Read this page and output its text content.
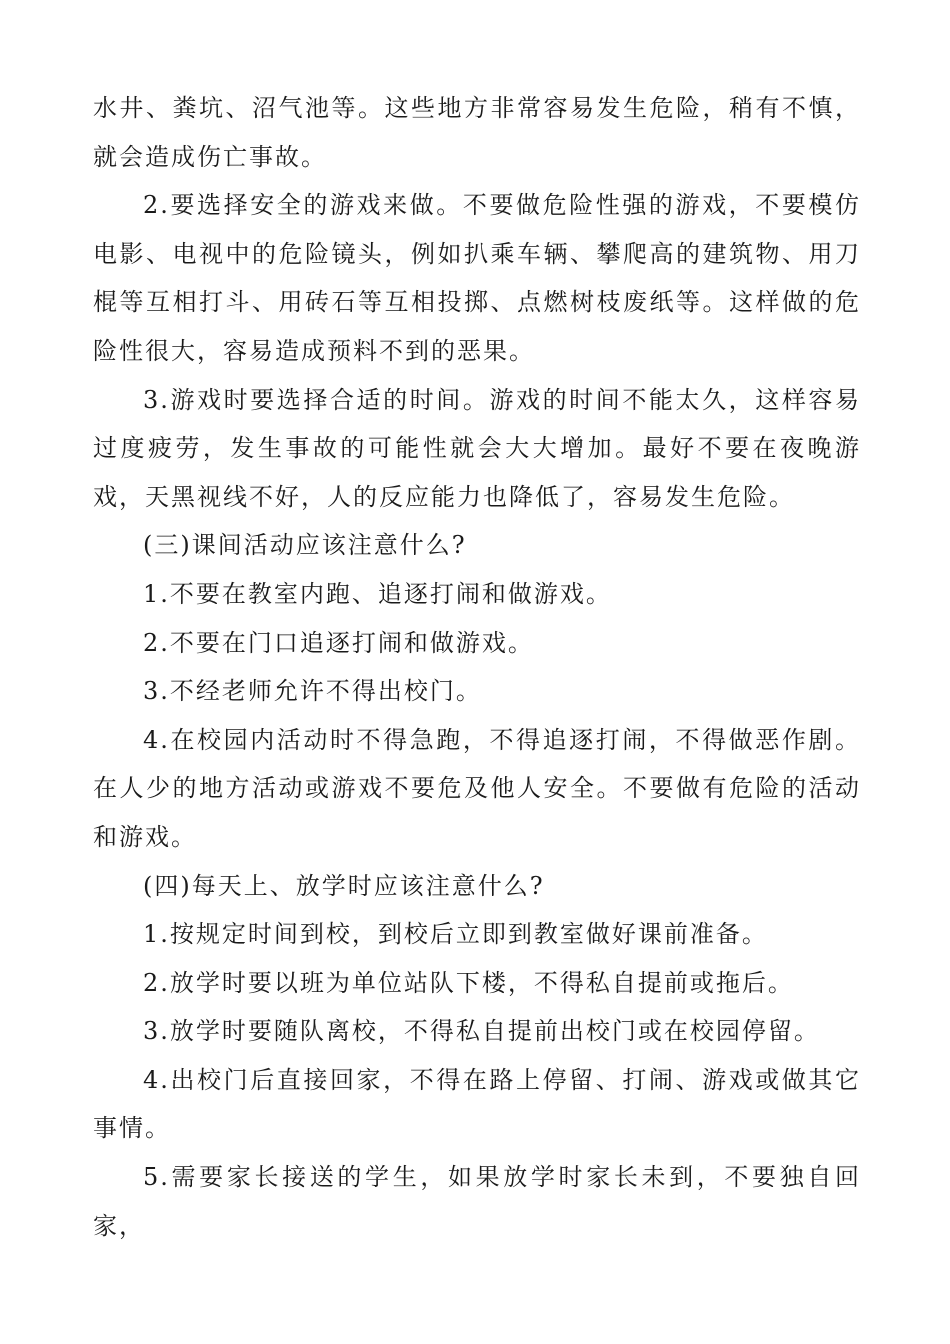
水井、粪坑、沼气池等。这些地方非常容易发生危险，稍有不慎，就会造成伤亡事故。

2.要选择安全的游戏来做。不要做危险性强的游戏，不要模仿电影、电视中的危险镜头，例如扒乘车辆、攀爬高的建筑物、用刀棍等互相打斗、用砖石等互相投掷、点燃树枝废纸等。这样做的危险性很大，容易造成预料不到的恶果。

3.游戏时要选择合适的时间。游戏的时间不能太久，这样容易过度疲劳，发生事故的可能性就会大大增加。最好不要在夜晚游戏，天黑视线不好，人的反应能力也降低了，容易发生危险。

(三)课间活动应该注意什么?

1.不要在教室内跑、追逐打闹和做游戏。

2.不要在门口追逐打闹和做游戏。

3.不经老师允许不得出校门。

4.在校园内活动时不得急跑，不得追逐打闹，不得做恶作剧。在人少的地方活动或游戏不要危及他人安全。不要做有危险的活动和游戏。

(四)每天上、放学时应该注意什么?

1.按规定时间到校，到校后立即到教室做好课前准备。

2.放学时要以班为单位站队下楼，不得私自提前或拖后。

3.放学时要随队离校，不得私自提前出校门或在校园停留。

4.出校门后直接回家，不得在路上停留、打闹、游戏或做其它事情。

5.需要家长接送的学生，如果放学时家长未到，不要独自回家，
